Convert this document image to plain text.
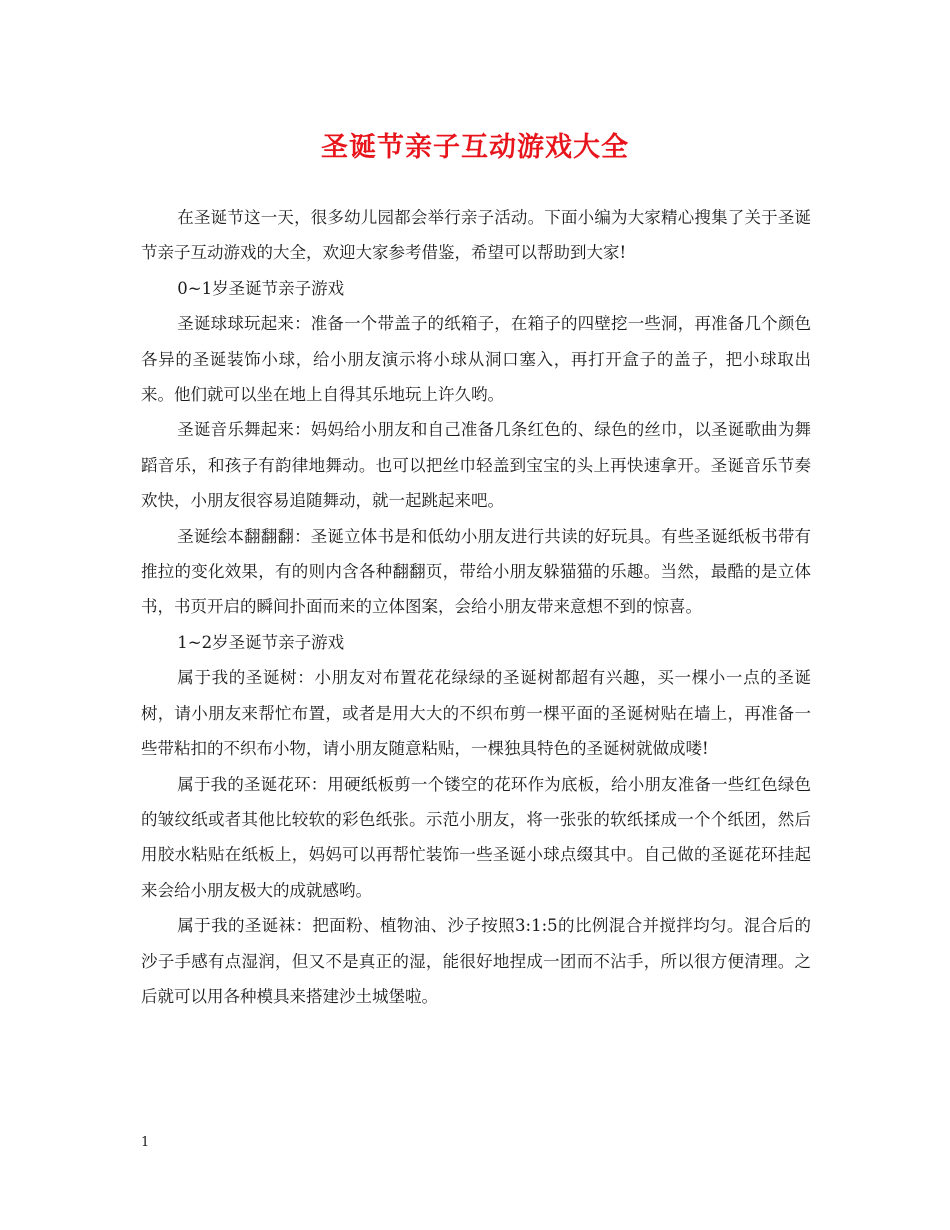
圣诞节亲子互动游戏大全

在圣诞节这一天，很多幼儿园都会举行亲子活动。下面小编为大家精心搜集了关于圣诞节亲子互动游戏的大全，欢迎大家参考借鉴，希望可以帮助到大家!

0~1岁圣诞节亲子游戏

圣诞球球玩起来：准备一个带盖子的纸箱子，在箱子的四壁挖一些洞，再准备几个颜色各异的圣诞装饰小球，给小朋友演示将小球从洞口塞入，再打开盒子的盖子，把小球取出来。他们就可以坐在地上自得其乐地玩上许久哟。

圣诞音乐舞起来：妈妈给小朋友和自己准备几条红色的、绿色的丝巾，以圣诞歌曲为舞蹈音乐，和孩子有韵律地舞动。也可以把丝巾轻盖到宝宝的头上再快速拿开。圣诞音乐节奏欢快，小朋友很容易追随舞动，就一起跳起来吧。

圣诞绘本翻翻翻：圣诞立体书是和低幼小朋友进行共读的好玩具。有些圣诞纸板书带有推拉的变化效果，有的则内含各种翻翻页，带给小朋友躲猫猫的乐趣。当然，最酷的是立体书，书页开启的瞬间扑面而来的立体图案，会给小朋友带来意想不到的惊喜。

1~2岁圣诞节亲子游戏

属于我的圣诞树：小朋友对布置花花绿绿的圣诞树都超有兴趣，买一棵小一点的圣诞树，请小朋友来帮忙布置，或者是用大大的不织布剪一棵平面的圣诞树贴在墙上，再准备一些带粘扣的不织布小物，请小朋友随意粘贴，一棵独具特色的圣诞树就做成喽!

属于我的圣诞花环：用硬纸板剪一个镂空的花环作为底板，给小朋友准备一些红色绿色的皱纹纸或者其他比较软的彩色纸张。示范小朋友，将一张张的软纸揉成一个个纸团，然后用胶水粘贴在纸板上，妈妈可以再帮忙装饰一些圣诞小球点缀其中。自己做的圣诞花环挂起来会给小朋友极大的成就感哟。

属于我的圣诞袜：把面粉、植物油、沙子按照3:1:5的比例混合并搅拌均匀。混合后的沙子手感有点湿润，但又不是真正的湿，能很好地捏成一团而不沾手，所以很方便清理。之后就可以用各种模具来搭建沙土城堡啦。

1
